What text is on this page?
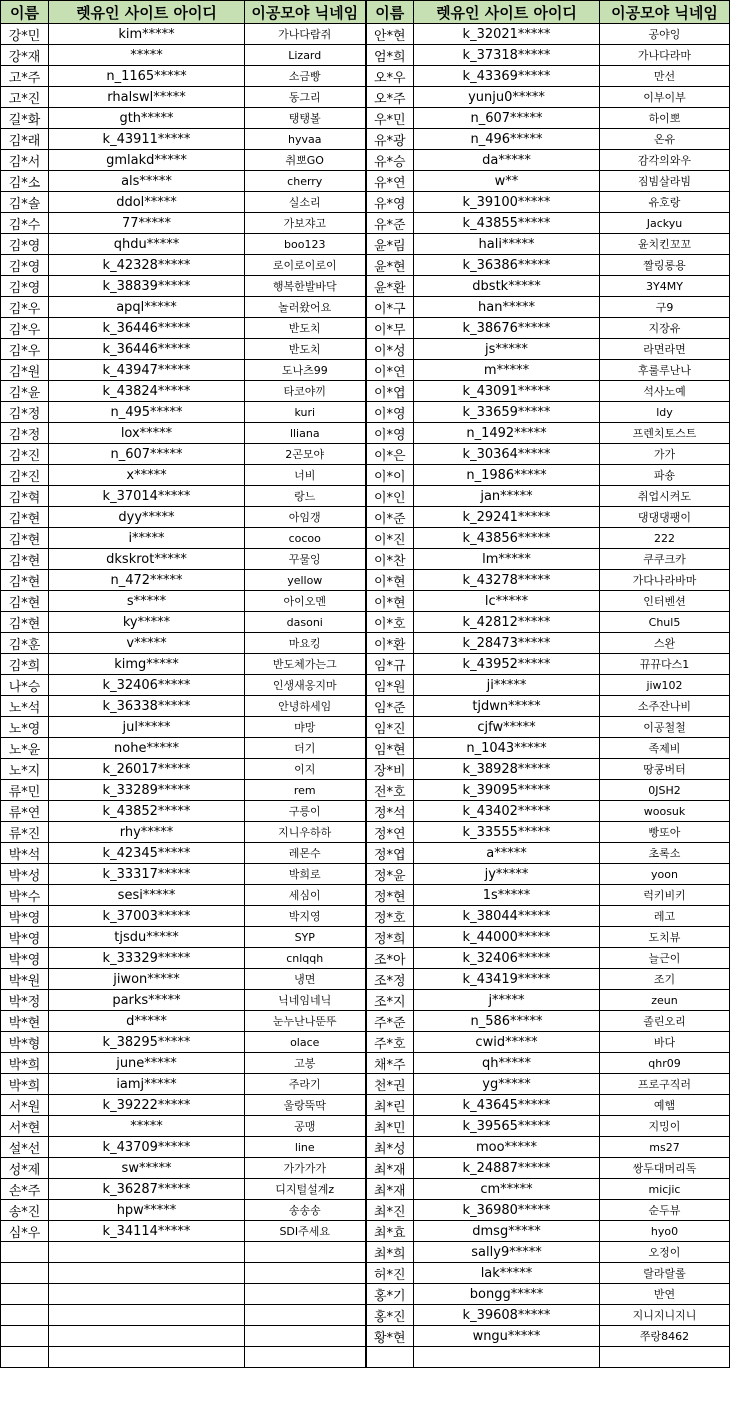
이름	렛유인 사이트 아이디	이공모야 닉네임	이름	렛유인 사이트 아이디	이공모야 닉네임
강*민	kim*****	가나다람쥐	안*현	k_32021*****	공야잉
강*재	*****	Lizard	엄*희	k_37318*****	가나다라마
고*주	n_1165*****	소금빵	오*우	k_43369*****	만선
고*진	rhalswl*****	동그리	오*주	yunju0*****	이부이부
길*화	gth*****	탱탱볼	우*민	n_607*****	하이뽀
김*래	k_43911*****	hyvaa	유*광	n_496*****	온유
김*서	gmlakd*****	취뽀GO	유*승	da*****	감각의와우
김*소	als*****	cherry	유*연	w**	짐빔살라빔
김*솔	ddol*****	실소리	유*영	k_39100*****	유호랑
김*수	77*****	가보쟈고	유*준	k_43855*****	Jackyu
김*영	qhdu*****	boo123	윤*림	hali*****	윤치킨꼬꼬
김*영	k_42328*****	로이로이로이	윤*현	k_36386*****	짤링롱용
김*영	k_38839*****	행복한발바닥	윤*환	dbstk*****	3Y4MY
김*우	apql*****	놀러왔어요	이*구	han*****	구9
김*우	k_36446*****	반도치	이*무	k_38676*****	지장유
김*우	k_36446*****	반도치	이*성	js*****	라면라면
김*원	k_43947*****	도나츠99	이*연	m*****	후룰루난나
김*윤	k_43824*****	타코야끼	이*엽	k_43091*****	석사노예
김*정	n_495*****	kuri	이*영	k_33659*****	ldy
김*정	lox*****	lliana	이*영	n_1492*****	프렌치토스트
김*진	n_607*****	2곤모야	이*은	k_30364*****	가가
김*진	x*****	너비	이*이	n_1986*****	파숑
김*혁	k_37014*****	랑느	이*인	jan*****	취업시켜도
김*현	dyy*****	아임갱	이*준	k_29241*****	댕댕댕팽이
김*현	i*****	cocoo	이*진	k_43856*****	222
김*현	dkskrot*****	꾸물잉	이*찬	lm*****	쿠쿠크카
김*현	n_472*****	yellow	이*현	k_43278*****	가다나라바마
김*현	s*****	아이오멘	이*현	lc*****	인터벤션
김*현	ky*****	dasoni	이*호	k_42812*****	Chul5
김*훈	v*****	마요킹	이*환	k_28473*****	스완
김*희	kimg*****	반도체가는그	임*규	k_43952*****	뀨뀨다스1
나*승	k_32406*****	인생새옹지마	임*원	ji*****	jiw102
노*석	k_36338*****	안녕하세임	임*준	tjdwn*****	소주잔나비
노*영	jul*****	먀망	임*진	cjfw*****	이공철철
노*윤	nohe*****	더기	임*현	n_1043*****	족제비
노*지	k_26017*****	이지	장*비	k_38928*****	땅콩버터
류*민	k_33289*****	rem	전*호	k_39095*****	0JSH2
류*연	k_43852*****	구릉이	정*석	k_43402*****	woosuk
류*진	rhy*****	지니우하하	정*연	k_33555*****	빵또아
박*석	k_42345*****	레몬수	정*엽	a*****	초록소
박*성	k_33317*****	박희로	정*윤	jy*****	yoon
박*수	sesi*****	세심이	정*현	1s*****	럭키비키
박*영	k_37003*****	박지영	정*호	k_38044*****	레고
박*영	tjsdu*****	SYP	정*희	k_44000*****	도치뷰
박*영	k_33329*****	cnlqqh	조*아	k_32406*****	늘근이
박*원	jiwon*****	냉면	조*정	k_43419*****	조기
박*정	parks*****	닉네임네닉	조*지	j*****	zeun
박*현	d*****	눈누난나뚠뚜	주*준	n_586*****	졸린오리
박*형	k_38295*****	olace	주*호	cwid*****	바다
박*희	june*****	고봉	채*주	qh*****	qhr09
박*희	iamj*****	주라기	천*권	yg*****	프로구직러
서*원	k_39222*****	울랑뚝딱	최*린	k_43645*****	예햄
서*현	*****	공맹	최*민	k_39565*****	지밍이
설*선	k_43709*****	line	최*성	moo*****	ms27
성*제	sw*****	가가가가	최*재	k_24887*****	쌍두대머리독
손*주	k_36287*****	디지털설계z	최*재	cm*****	micjic
송*진	hpw*****	송송송	최*진	k_36980*****	순두뷰
심*우	k_34114*****	SDI주세요	최*효	dmsg*****	hyo0
			최*희	sally9*****	오정이
			허*진	lak*****	랄라랄롤
			홍*기	bongg*****	반연
			홍*진	k_39608*****	지니지니지니
			황*현	wngu*****	쭈랑8462
